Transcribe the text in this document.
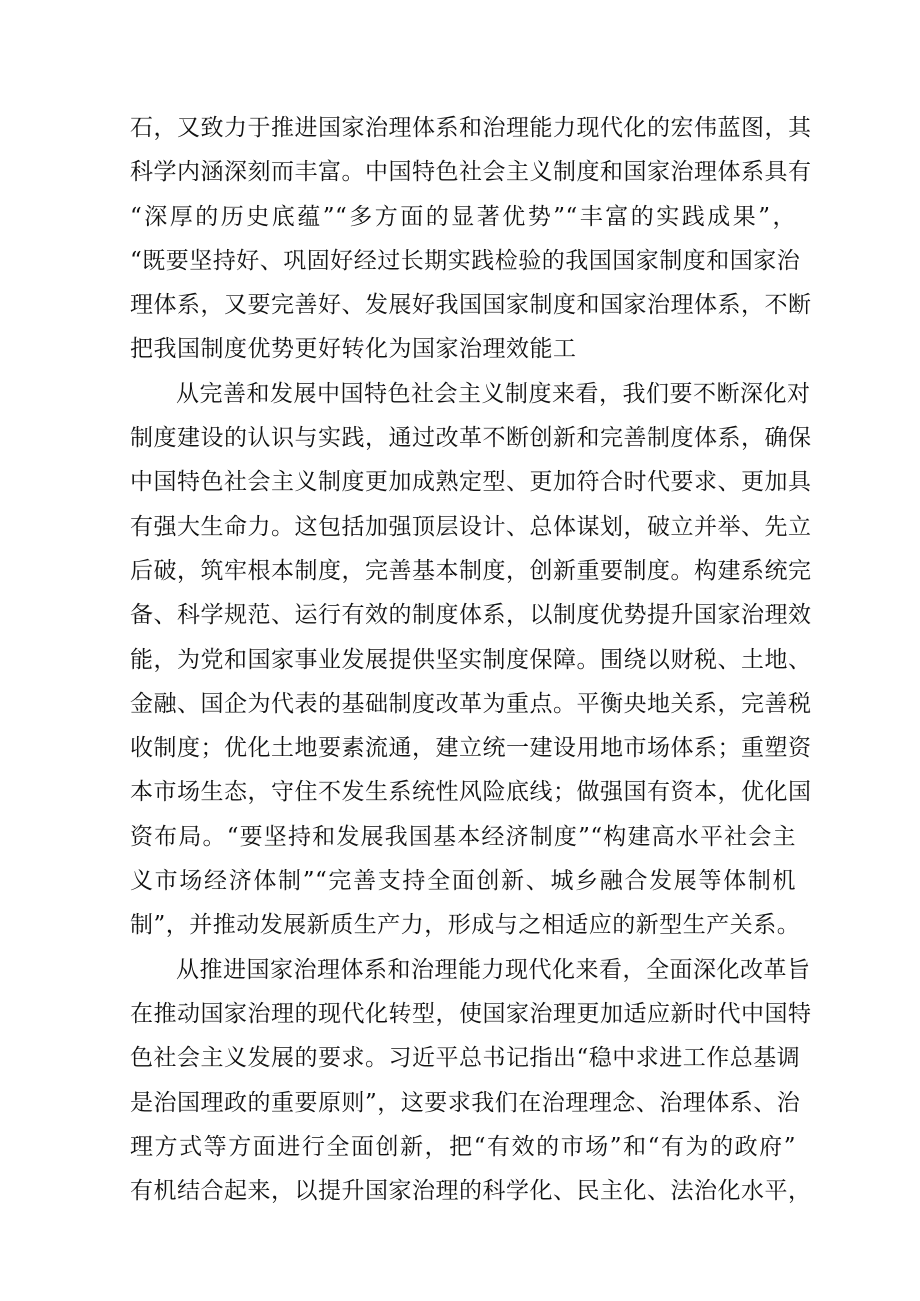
石，又致力于推进国家治理体系和治理能力现代化的宏伟蓝图，其
科学内涵深刻而丰富。中国特色社会主义制度和国家治理体系具有
“深厚的历史底蕴”“多方面的显著优势”“丰富的实践成果”，
“既要坚持好、巩固好经过长期实践检验的我国国家制度和国家治
理体系，又要完善好、发展好我国国家制度和国家治理体系，不断
把我国制度优势更好转化为国家治理效能工
从完善和发展中国特色社会主义制度来看，我们要不断深化对
制度建设的认识与实践，通过改革不断创新和完善制度体系，确保
中国特色社会主义制度更加成熟定型、更加符合时代要求、更加具
有强大生命力。这包括加强顶层设计、总体谋划，破立并举、先立
后破，筑牢根本制度，完善基本制度，创新重要制度。构建系统完
备、科学规范、运行有效的制度体系，以制度优势提升国家治理效
能，为党和国家事业发展提供坚实制度保障。围绕以财税、土地、
金融、国企为代表的基础制度改革为重点。平衡央地关系，完善税
收制度；优化土地要素流通，建立统一建设用地市场体系；重塑资
本市场生态，守住不发生系统性风险底线；做强国有资本，优化国
资布局。“要坚持和发展我国基本经济制度”“构建高水平社会主
义市场经济体制”“完善支持全面创新、城乡融合发展等体制机
制”，并推动发展新质生产力，形成与之相适应的新型生产关系。
从推进国家治理体系和治理能力现代化来看，全面深化改革旨
在推动国家治理的现代化转型，使国家治理更加适应新时代中国特
色社会主义发展的要求。习近平总书记指出“稳中求进工作总基调
是治国理政的重要原则”，这要求我们在治理理念、治理体系、治
理方式等方面进行全面创新，把“有效的市场”和“有为的政府”
有机结合起来，以提升国家治理的科学化、民主化、法治化水平，
